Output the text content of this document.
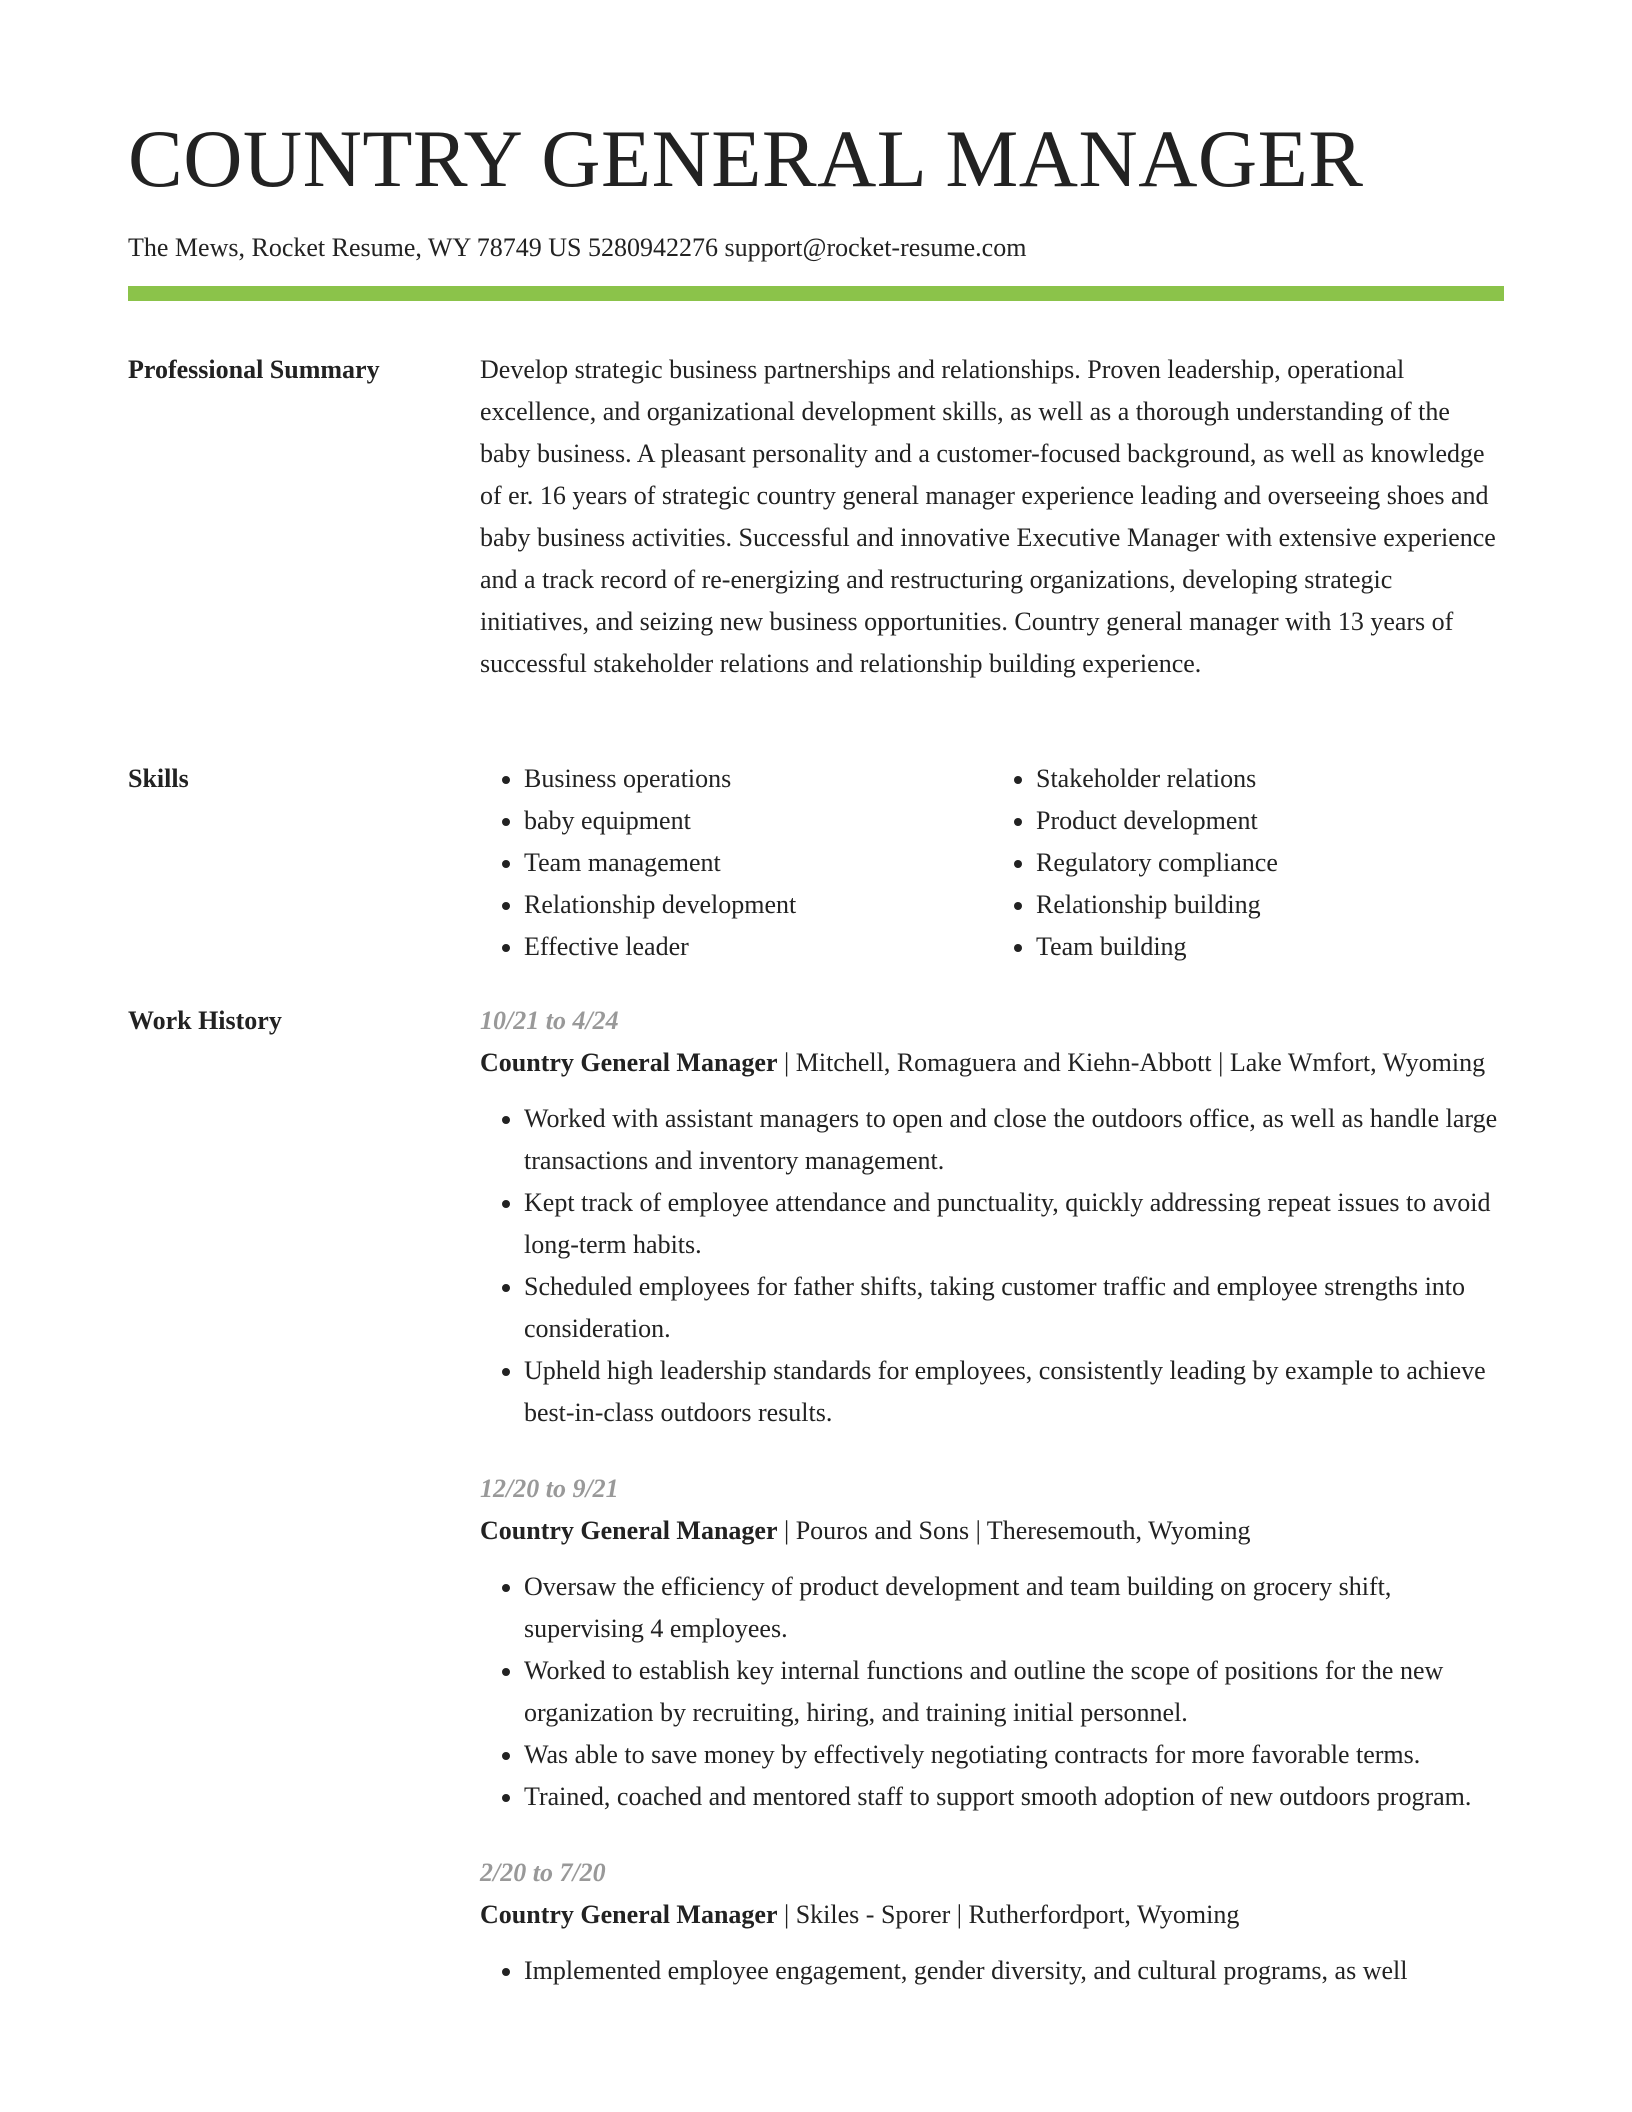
COUNTRY GENERAL MANAGER
The Mews, Rocket Resume, WY 78749 US 5280942276 support@rocket-resume.com
Professional Summary	Develop strategic business partnerships and relationships. Proven leadership, operational excellence, and organizational development skills, as well as a thorough understanding of the baby business. A pleasant personality and a customer-focused background, as well as knowledge of er. 16 years of strategic country general manager experience leading and overseeing shoes and baby business activities. Successful and innovative Executive Manager with extensive experience and a track record of re-energizing and restructuring organizations, developing strategic initiatives, and seizing new business opportunities. Country general manager with 13 years of successful stakeholder relations and relationship building experience.

Skills
•	Business operations
• baby equipment
• Team management
• Relationship development
• Effective leader
• Stakeholder relations
• Product development
• Regulatory compliance
• Relationship building
• Team building
Work History	10/21 to 4/24
Country General Manager | Mitchell, Romaguera and Kiehn-Abbott | Lake Wmfort, Wyoming
• Worked with assistant managers to open and close the outdoors office, as well as handle large transactions and inventory management.
• Kept track of employee attendance and punctuality, quickly addressing repeat issues to avoid long-term habits.
• Scheduled employees for father shifts, taking customer traffic and employee strengths into consideration.
• Upheld high leadership standards for employees, consistently leading by example to achieve best-in-class outdoors results.
12/20 to 9/21
Country General Manager | Pouros and Sons | Theresemouth, Wyoming
• Oversaw the efficiency of product development and team building on grocery shift, supervising 4 employees.
• Worked to establish key internal functions and outline the scope of positions for the new organization by recruiting, hiring, and training initial personnel.
• Was able to save money by effectively negotiating contracts for more favorable terms.
• Trained, coached and mentored staff to support smooth adoption of new outdoors program.
2/20 to 7/20
Country General Manager | Skiles - Sporer | Rutherfordport, Wyoming
• Implemented employee engagement, gender diversity, and cultural programs, as well
